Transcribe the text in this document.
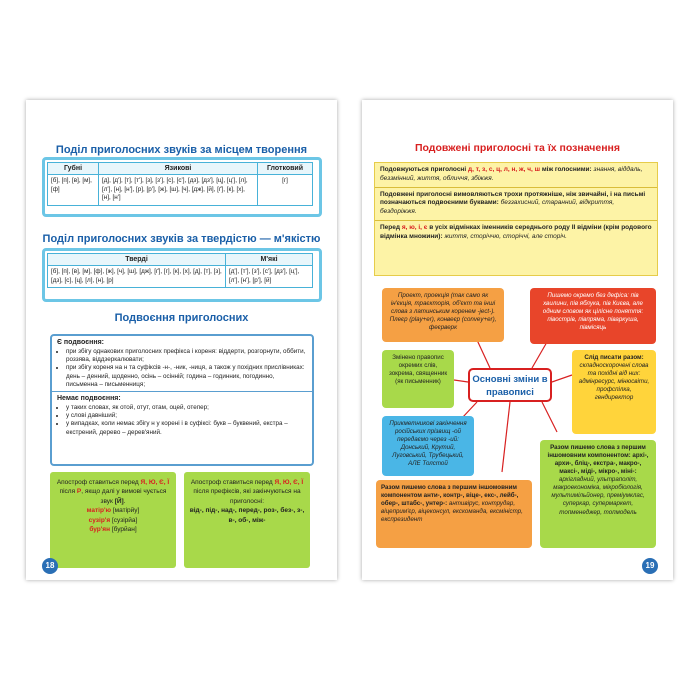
Поділ приголосних звуків за місцем творення
Губні	Язикові	Глотковий
[б], [п], [в], [м], [ф]	[д], [д'], [т], [т'], [з], [з'], [с], [с'], [дз], [дз'], [ц], [ц'], [л], [л'], [н], [н'], [р], [р'], [ж], [ш], [ч], [дж], [й], [ґ], [к], [х], [н], [н']	[г]
Поділ приголосних звуків за твердістю — м'якістю
Тверді	М'які
[б], [п], [в], [м], [ф], [ж], [ч], [ш], [дж], [ґ], [г], [к], [х], [д], [т], [з], [дз], [с], [ц], [л], [н], [р]	[д'], [т'], [з'], [с'], [дз'], [ц'], [л'], [н'], [р'], [й]
Подвоєння приголосних
Є подвоєння:
• при збігу однакових приголосних префікса і кореня: віддерти, розгорнути, оббити, роззява, віддзеркалювати;
• при збігу кореня на н та суфіксів -н-, -ник, -ниця, а також у похідних прислівниках: день – денний, щоденно, осінь – осінній; година – годинник, погодинно, письменна – письменниця;
Немає подвоєння:
• у таких словах, як отой, отут, отам, оцей, отепер;
• у слові давніший;
• у випадках, коли немає збігу н у корені і в суфіксі: букв – буквений, екстра – екстрений, дерево – дерев'яний.
Апостроф ставиться перед Я, Ю, Є, Ї після Р, якщо далі у вимові чується звук [Й].
матір'ю [матірйу]
сузір'я [сузірйа]
бур'ян [бурйан]
Апостроф ставиться перед Я, Ю, Є, Ї після префіксів, які закінчуються на приголосні:
від-, під-, над-, перед-, роз-, без-, з-, в-, об-, між-
18
Подовжені приголосні та їх позначення

Подовжуються приголосні д, т, з, с, ц, л, н, ж, ч, ш між голосними: знання, віддаль, беззмінний, життя, обличчя, збіжжя.

Подовжені приголосні вимовляються трохи протяжніше, ніж звичайні, і на письмі позначаються подвоєними буквами: беззахисний, старанний, відкриття, бездоріжжя.

Перед я, ю, і, є в усіх відмінках іменників середнього роду II відміни (крім родового відмінка множини): життя, сторіччю, сторіччі, але сторіч.

Проект, проекція (так само як ін'єкція, траєкторія, об'єкт та інші слова з латинським коренем -ject-). Плеєр (play+er), конвеєр (convey+er), феєрверк
Пишемо окремо без дефіса: пів хвилини, пів яблука, пів Києва, але одним словом як цілісне поняття: півострів, півпряма, піваркуша, півмісяць
Змінено правопис окремих слів, зокрема, священник (як письменник)
Слід писати разом: складноскорочені слова та похідні від них: адмінресурс, мінюсвіти, профспілка, гендиректор
Прикметникові закінчення російських прізвищ -ой передаємо через -ий: Донський, Крутий, Луговський, Трубецький, АЛЕ Толстой
Разом пишемо слова з першим іншомовним компонентом анти-, контр-, віце-, екс-, лейб-, обер-, штабс-, унтер-: антивірус, контрудар, віцеприм'єр, віцеконсул, екскоманда, ексміністр, експрезидент
Разом пишемо слова з першим іншомовним компонентом: архі-, архи-, бліц-, екстра-, макро-, максі-, міді-, мікро-, міні-: архігладний, ультраполіт, макроекономіка, мікробіологія, мультимільйонер, преміумклас, суперкар, супермаркет, топменеджер, топмодель
Основні зміни в правописі
19
